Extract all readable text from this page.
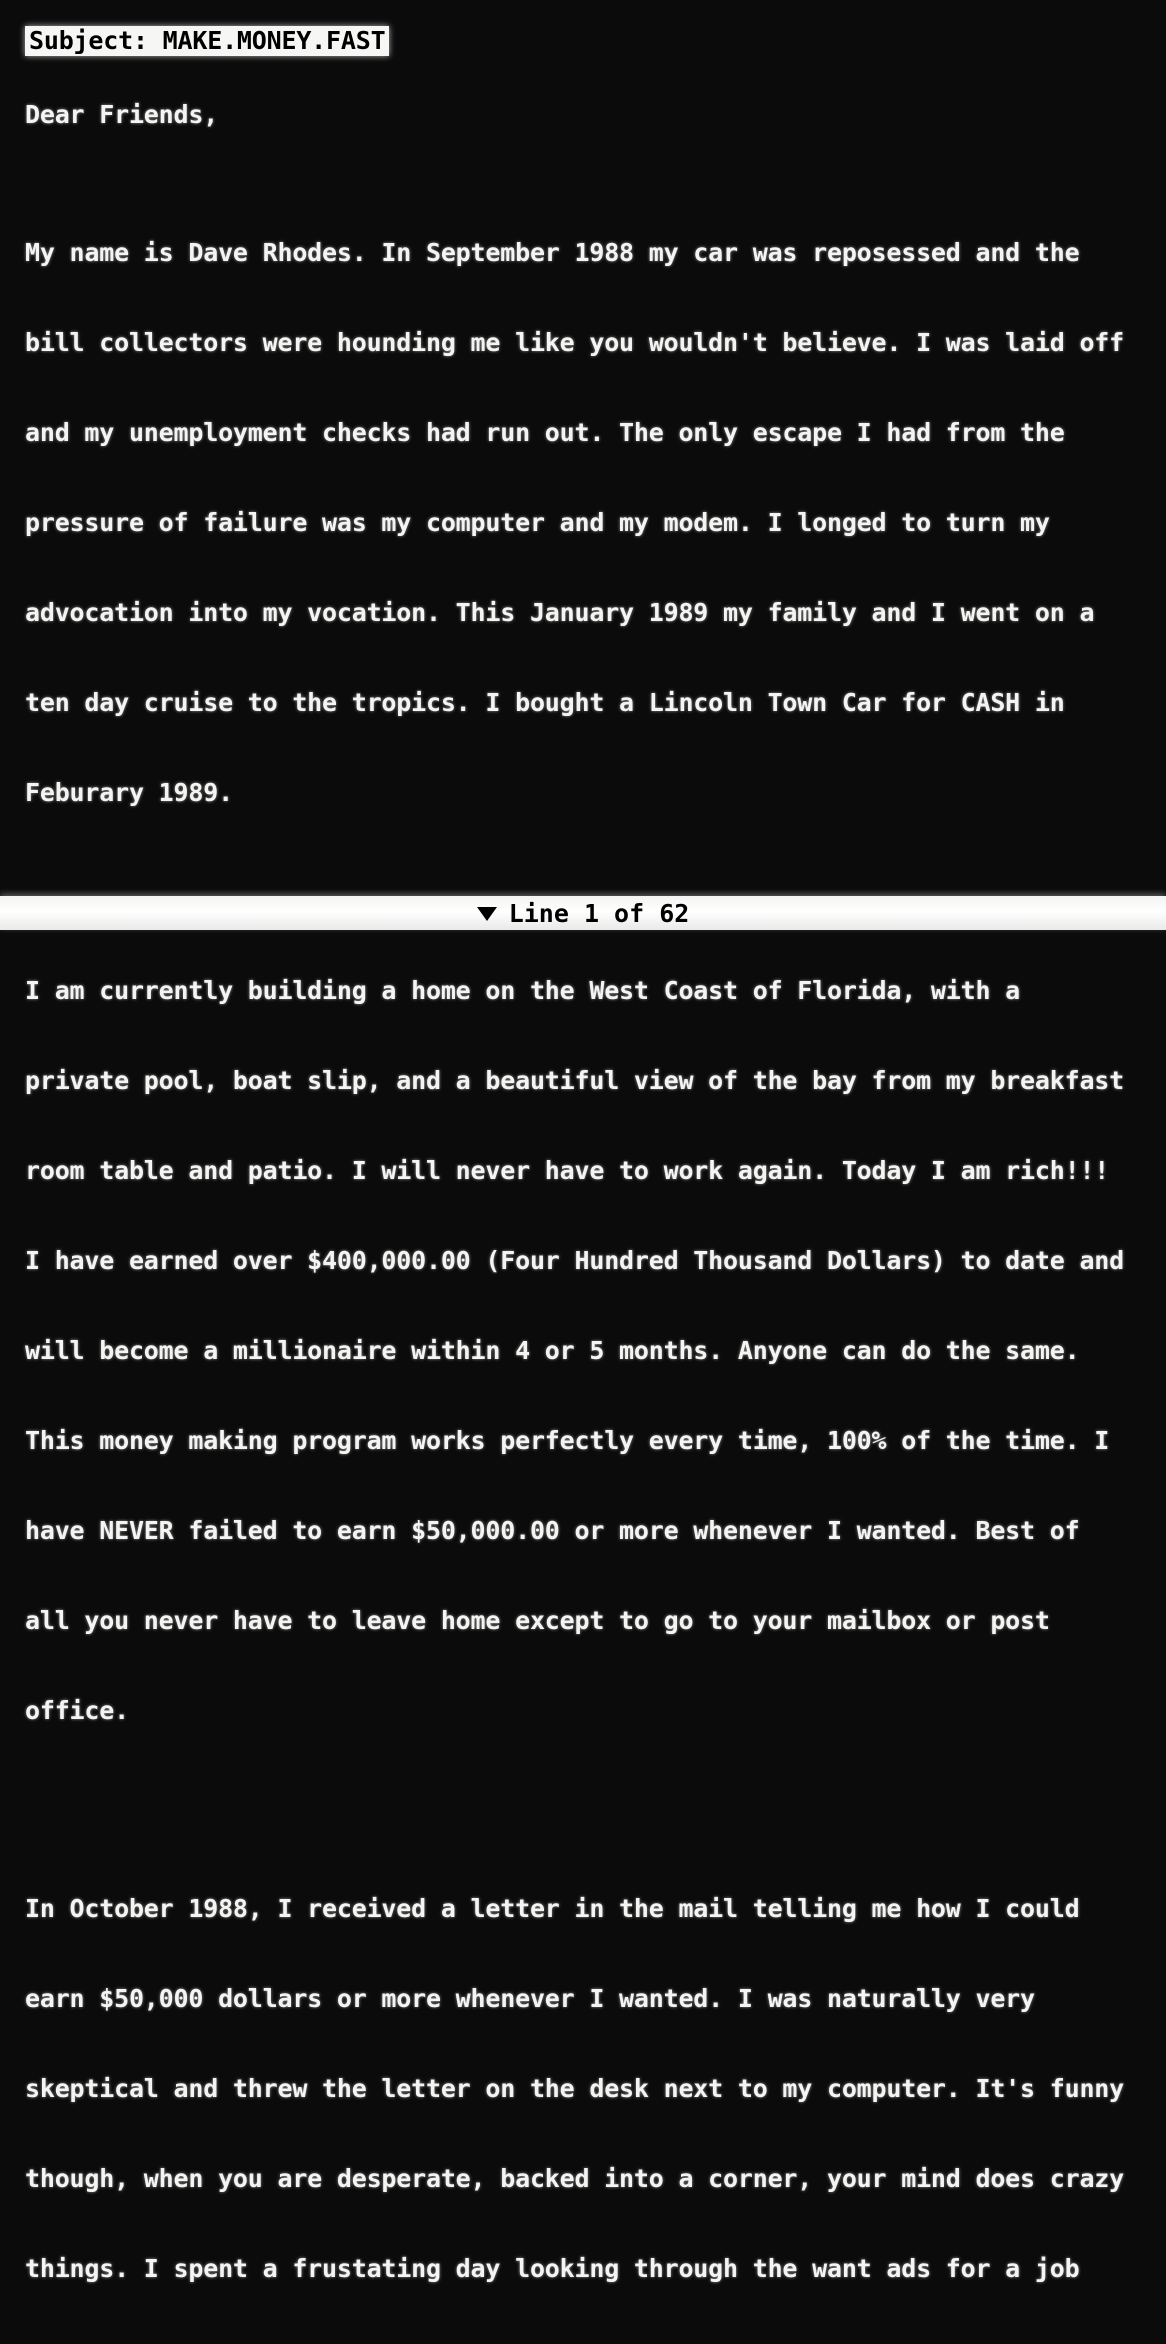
Subject: MAKE.MONEY.FAST
Dear Friends,

My name is Dave Rhodes. In September 1988 my car was reposessed and the

bill collectors were hounding me like you wouldn't believe. I was laid off

and my unemployment checks had run out. The only escape I had from the

pressure of failure was my computer and my modem. I longed to turn my

advocation into my vocation. This January 1989 my family and I went on a

ten day cruise to the tropics. I bought a Lincoln Town Car for CASH in

Feburary 1989.

I am currently building a home on the West Coast of Florida, with a

private pool, boat slip, and a beautiful view of the bay from my breakfast

room table and patio. I will never have to work again. Today I am rich!!!

I have earned over $400,000.00 (Four Hundred Thousand Dollars) to date and

will become a millionaire within 4 or 5 months. Anyone can do the same.

This money making program works perfectly every time, 100% of the time. I

have NEVER failed to earn $50,000.00 or more whenever I wanted. Best of

all you never have to leave home except to go to your mailbox or post

office.

In October 1988, I received a letter in the mail telling me how I could

earn $50,000 dollars or more whenever I wanted. I was naturally very

skeptical and threw the letter on the desk next to my computer. It's funny

though, when you are desperate, backed into a corner, your mind does crazy

things. I spent a frustating day looking through the want ads for a job

Line 1 of 62
